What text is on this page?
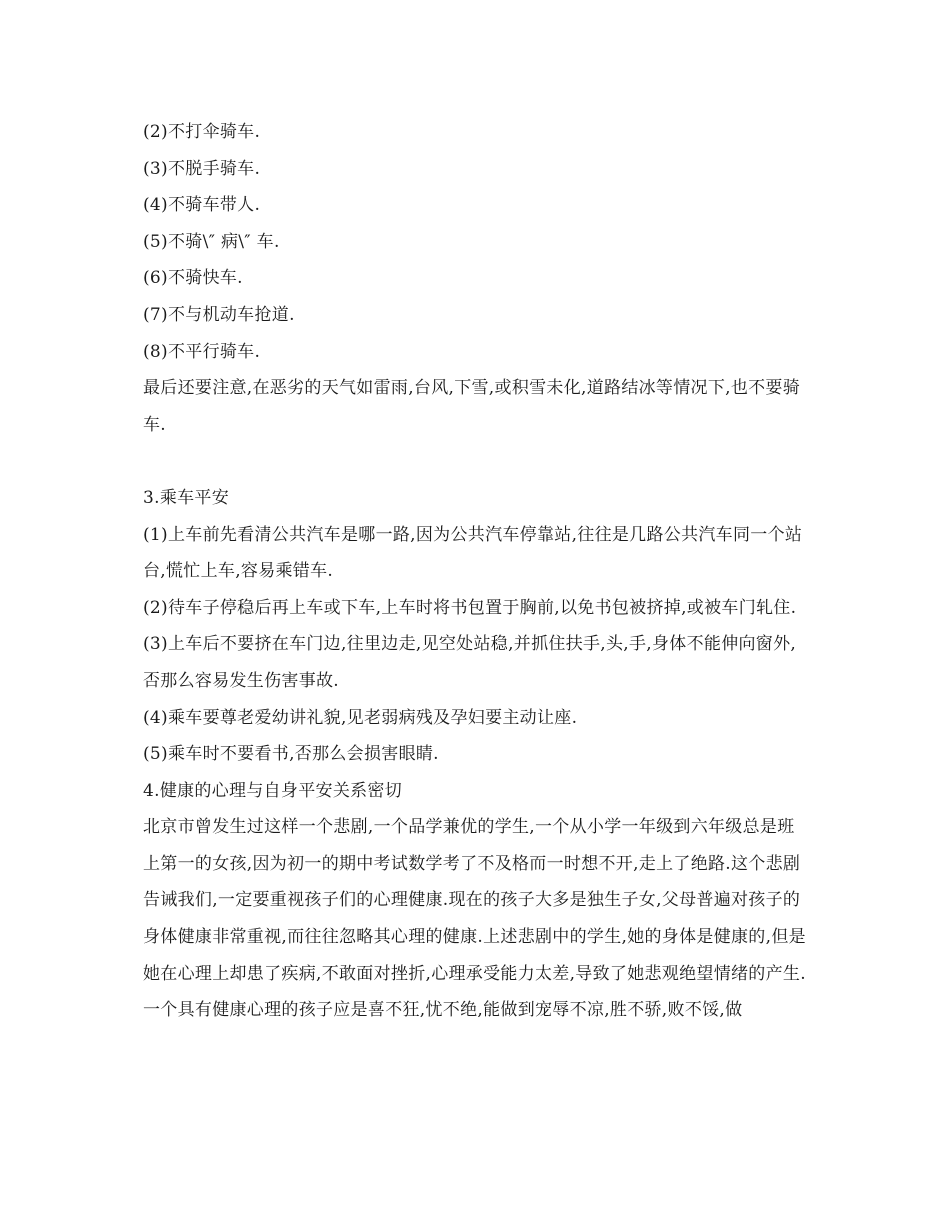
(2)不打伞骑车.
(3)不脱手骑车.
(4)不骑车带人.
(5)不骑\″ 病\″ 车.
(6)不骑快车.
(7)不与机动车抢道.
(8)不平行骑车.
最后还要注意,在恶劣的天气如雷雨,台风,下雪,或积雪未化,道路结冰等情况下,也不要骑车.
3.乘车平安
(1)上车前先看清公共汽车是哪一路,因为公共汽车停靠站,往往是几路公共汽车同一个站台,慌忙上车,容易乘错车.
(2)待车子停稳后再上车或下车,上车时将书包置于胸前,以免书包被挤掉,或被车门轧住.
(3)上车后不要挤在车门边,往里边走,见空处站稳,并抓住扶手,头,手,身体不能伸向窗外,否那么容易发生伤害事故.
(4)乘车要尊老爱幼讲礼貌,见老弱病残及孕妇要主动让座.
(5)乘车时不要看书,否那么会损害眼睛.
4.健康的心理与自身平安关系密切
北京市曾发生过这样一个悲剧,一个品学兼优的学生,一个从小学一年级到六年级总是班上第一的女孩,因为初一的期中考试数学考了不及格而一时想不开,走上了绝路.这个悲剧告诫我们,一定要重视孩子们的心理健康.现在的孩子大多是独生子女,父母普遍对孩子的身体健康非常重视,而往往忽略其心理的健康.上述悲剧中的学生,她的身体是健康的,但是她在心理上却患了疾病,不敢面对挫折,心理承受能力太差,导致了她悲观绝望情绪的产生.
一个具有健康心理的孩子应是喜不狂,忧不绝,能做到宠辱不凉,胜不骄,败不馁,做
